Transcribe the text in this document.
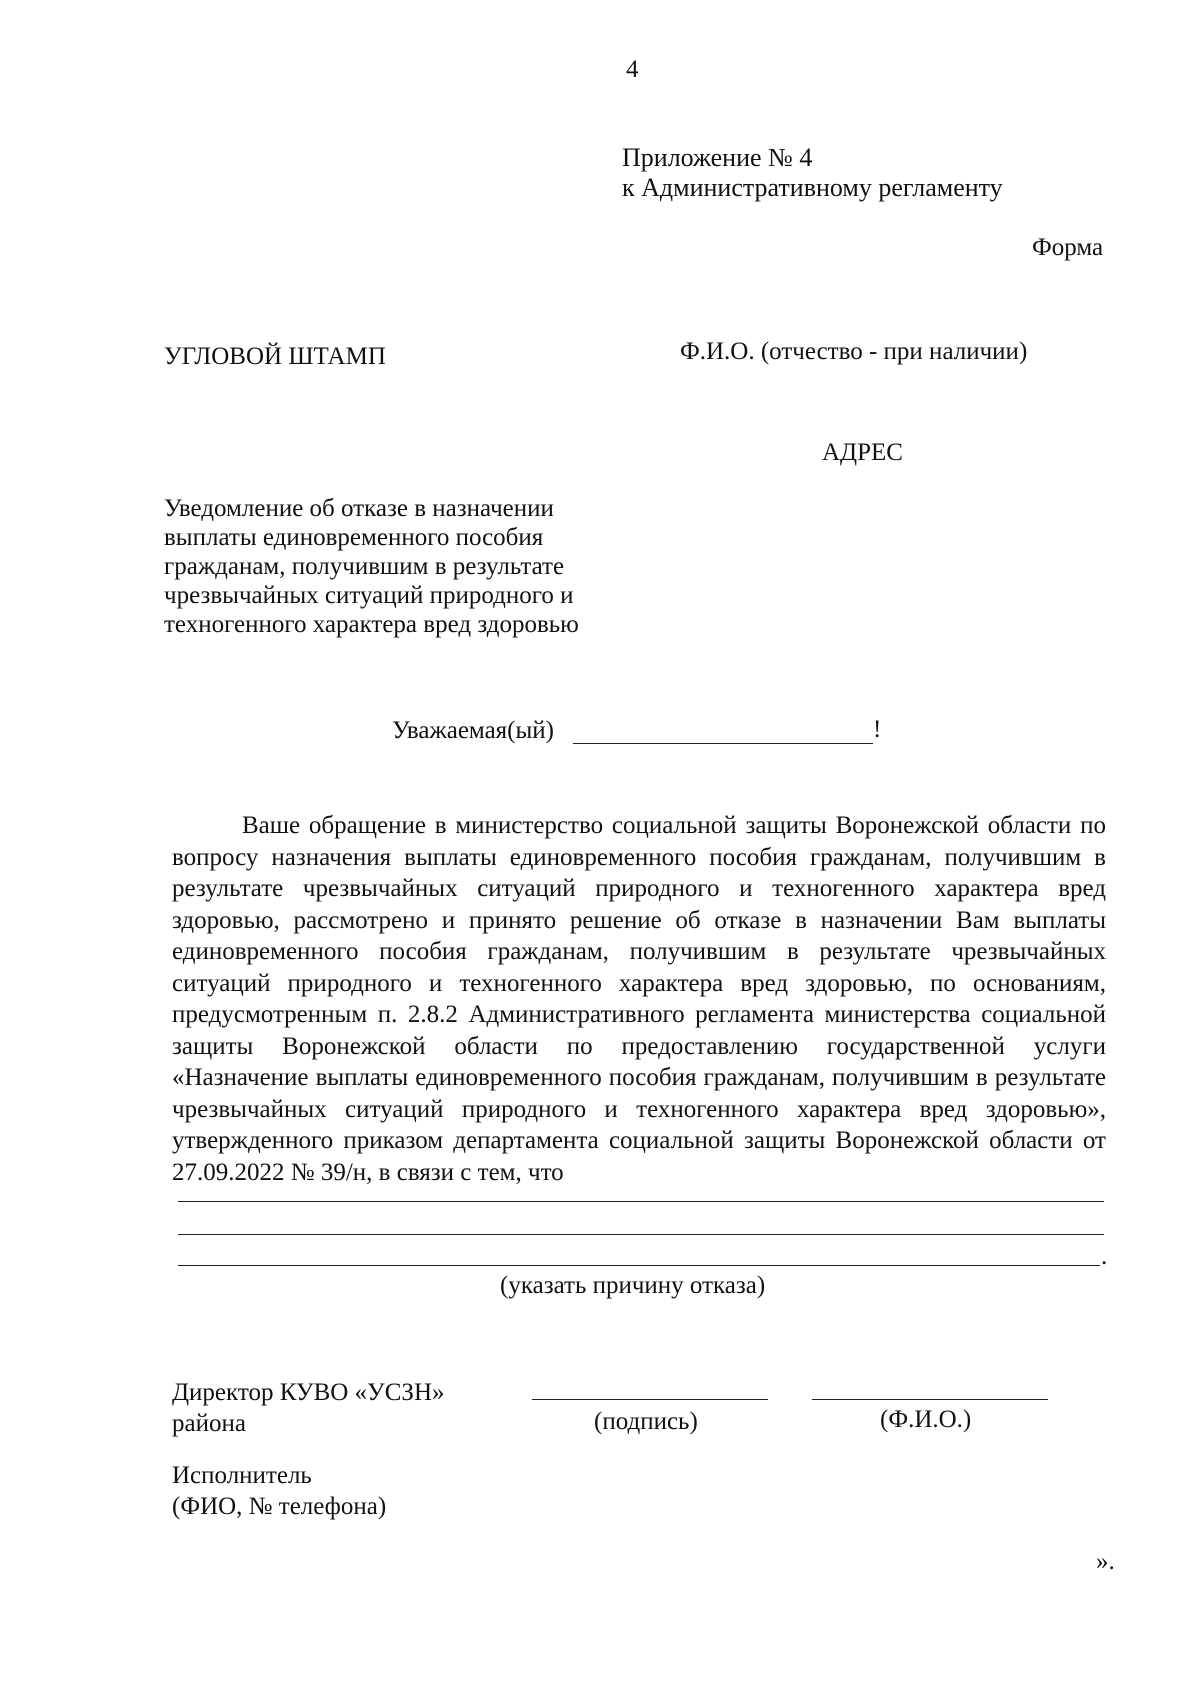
4
Приложение № 4
к Административному регламенту
Форма
УГЛОВОЙ ШТАМП	Ф.И.О. (отчество - при наличии)
АДРЕС
Уведомление об отказе в назначении
выплаты единовременного пособия
гражданам, получившим в результате
чрезвычайных ситуаций природного и
техногенного характера вред здоровью
Уважаемая(ый)	!
Ваше обращение в министерство социальной защиты Воронежской области по вопросу назначения выплаты единовременного пособия гражданам, получившим в результате чрезвычайных ситуаций природного и техногенного характера вред здоровью, рассмотрено и принято решение об отказе в назначении Вам выплаты единовременного пособия гражданам, получившим в результате чрезвычайных ситуаций природного и техногенного характера вред здоровью, по основаниям, предусмотренным п. 2.8.2 Административного регламента министерства социальной защиты Воронежской области по предоставлению государственной услуги «Назначение выплаты единовременного пособия гражданам, получившим в результате чрезвычайных ситуаций природного и техногенного характера вред здоровью», утвержденного приказом департамента социальной защиты Воронежской области от 27.09.2022 № 39/н, в связи с тем, что
.
(указать причину отказа)
Директор КУВО «УСЗН»
района	(подпись)	(Ф.И.О.)
Исполнитель
(ФИО, № телефона)
».
